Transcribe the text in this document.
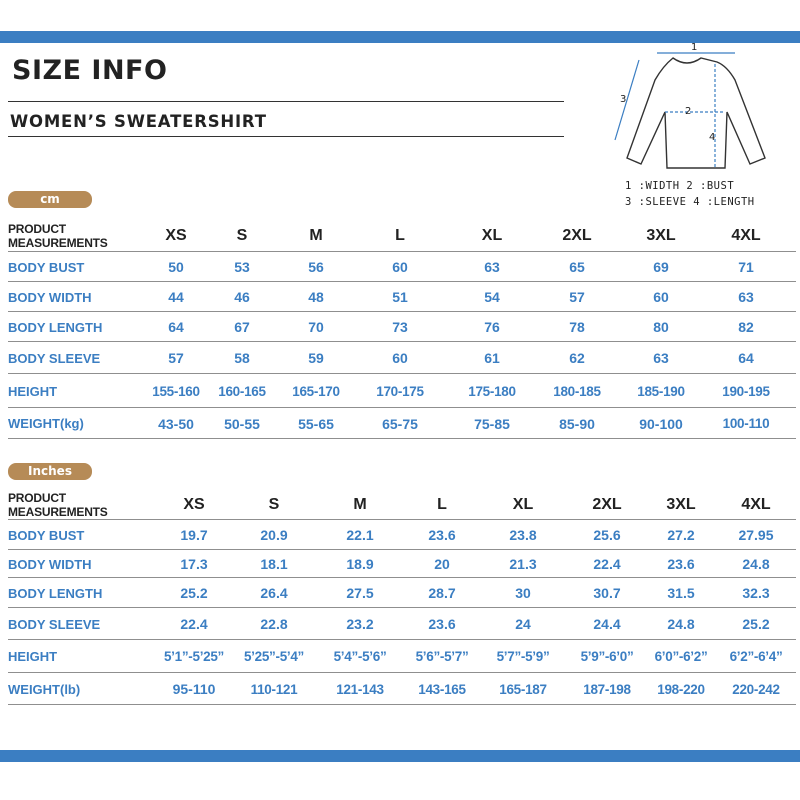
SIZE INFO
WOMEN’S SWEATERSHIRT
1
2
3
4
1 :WIDTH 2 :BUST
3 :SLEEVE 4 :LENGTH
cm
PRODUCT MEASUREMENTS	XS	S	M	L	XL	2XL	3XL	4XL
BODY BUST	50	53	56	60	63	65	69	71
BODY WIDTH	44	46	48	51	54	57	60	63
BODY LENGTH	64	67	70	73	76	78	80	82
BODY SLEEVE	57	58	59	60	61	62	63	64
HEIGHT	155-160	160-165	165-170	170-175	175-180	180-185	185-190	190-195
WEIGHT(kg)	43-50	50-55	55-65	65-75	75-85	85-90	90-100	100-110
Inches
PRODUCT MEASUREMENTS	XS	S	M	L	XL	2XL	3XL	4XL
BODY BUST	19.7	20.9	22.1	23.6	23.8	25.6	27.2	27.95
BODY WIDTH	17.3	18.1	18.9	20	21.3	22.4	23.6	24.8
BODY LENGTH	25.2	26.4	27.5	28.7	30	30.7	31.5	32.3
BODY SLEEVE	22.4	22.8	23.2	23.6	24	24.4	24.8	25.2
HEIGHT	5’1”-5’25”	5’25”-5’4”	5’4”-5’6”	5’6”-5’7”	5’7”-5’9”	5’9”-6’0”	6’0”-6’2”	6’2”-6’4”
WEIGHT(lb)	95-110	110-121	121-143	143-165	165-187	187-198	198-220	220-242
